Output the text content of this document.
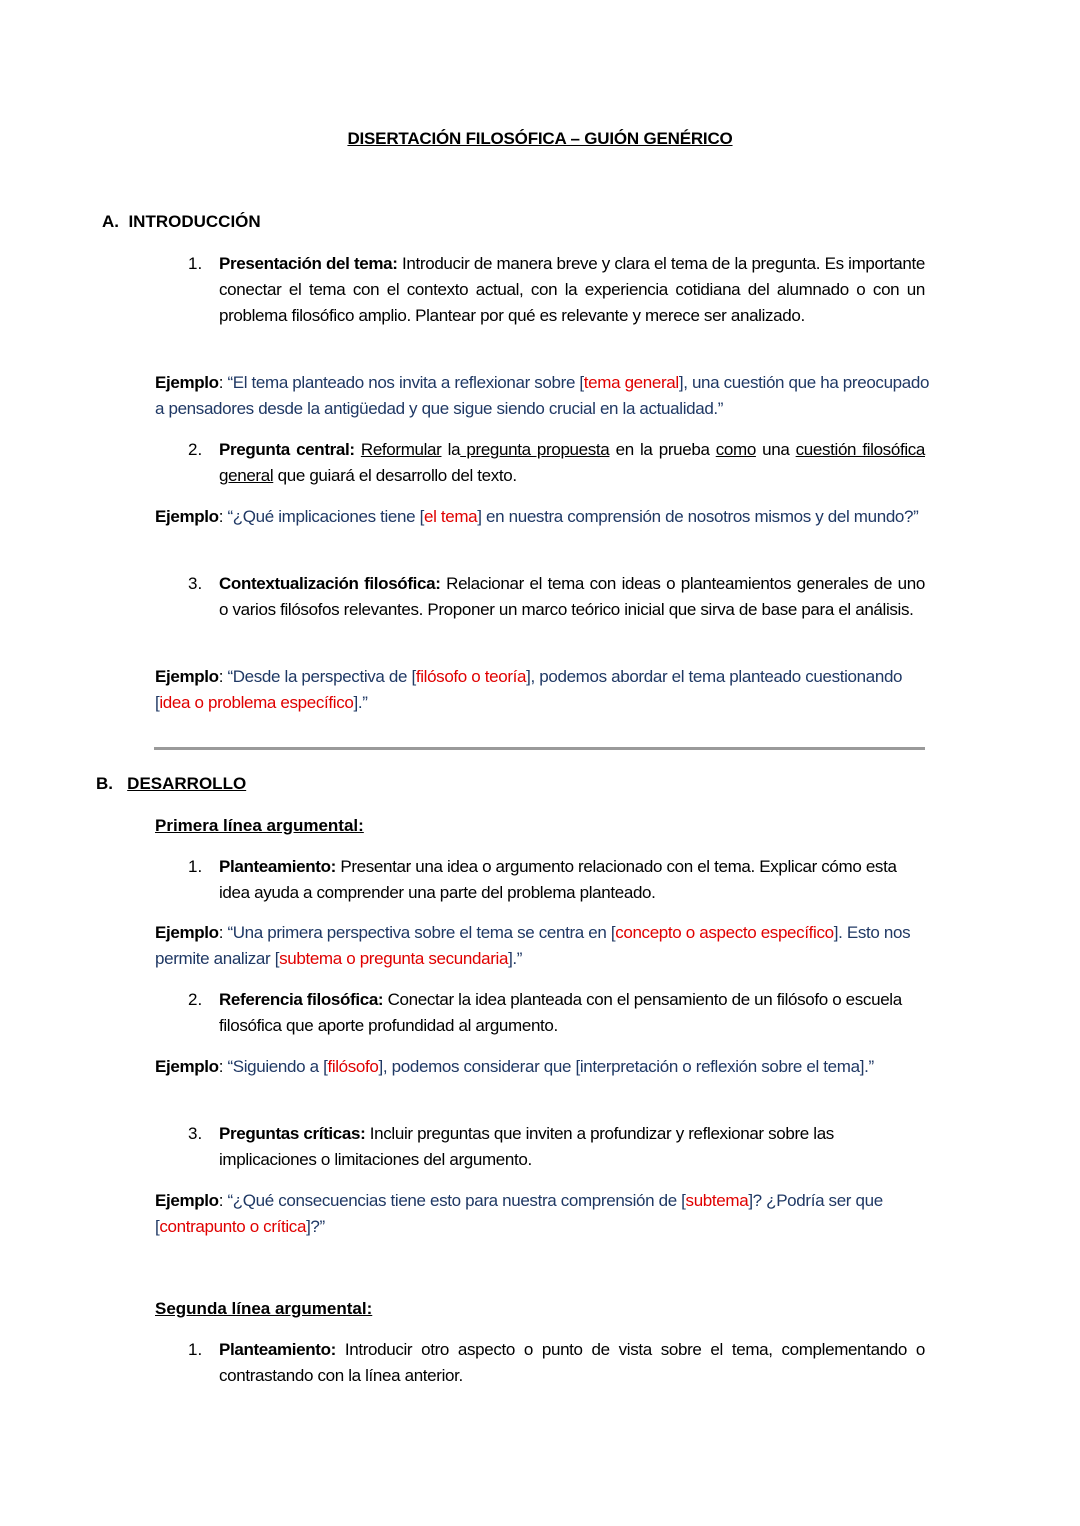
DISERTACIÓN FILOSÓFICA – GUIÓN GENÉRICO
A. INTRODUCCIÓN
1. Presentación del tema: Introducir de manera breve y clara el tema de la pregunta. Es importante conectar el tema con el contexto actual, con la experiencia cotidiana del alumnado o con un problema filosófico amplio. Plantear por qué es relevante y merece ser analizado.
Ejemplo: “El tema planteado nos invita a reflexionar sobre [tema general], una cuestión que ha preocupado a pensadores desde la antigüedad y que sigue siendo crucial en la actualidad.”
2. Pregunta central: Reformular la pregunta propuesta en la prueba como una cuestión filosófica general que guiará el desarrollo del texto.
Ejemplo: “¿Qué implicaciones tiene [el tema] en nuestra comprensión de nosotros mismos y del mundo?”
3. Contextualización filosófica: Relacionar el tema con ideas o planteamientos generales de uno o varios filósofos relevantes. Proponer un marco teórico inicial que sirva de base para el análisis.
Ejemplo: “Desde la perspectiva de [filósofo o teoría], podemos abordar el tema planteado cuestionando [idea o problema específico].”
B. DESARROLLO
Primera línea argumental:
1. Planteamiento: Presentar una idea o argumento relacionado con el tema. Explicar cómo esta idea ayuda a comprender una parte del problema planteado.
Ejemplo: “Una primera perspectiva sobre el tema se centra en [concepto o aspecto específico]. Esto nos permite analizar [subtema o pregunta secundaria].”
2. Referencia filosófica: Conectar la idea planteada con el pensamiento de un filósofo o escuela filosófica que aporte profundidad al argumento.
Ejemplo: “Siguiendo a [filósofo], podemos considerar que [interpretación o reflexión sobre el tema].”
3. Preguntas críticas: Incluir preguntas que inviten a profundizar y reflexionar sobre las implicaciones o limitaciones del argumento.
Ejemplo: “¿Qué consecuencias tiene esto para nuestra comprensión de [subtema]? ¿Podría ser que [contrapunto o crítica]?”
Segunda línea argumental:
1. Planteamiento: Introducir otro aspecto o punto de vista sobre el tema, complementando o contrastando con la línea anterior.
